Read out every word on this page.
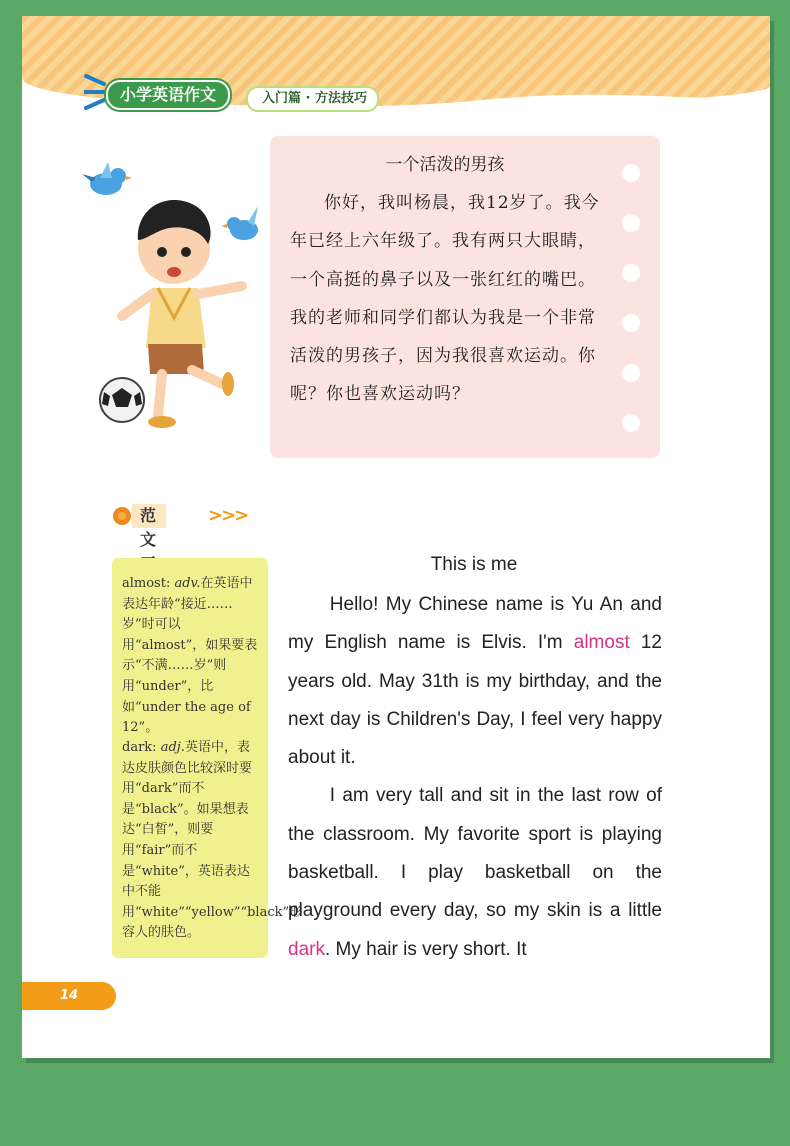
入门篇 · 方法技巧
小学英语作文
一个活泼的男孩
你好，我叫杨晨，我12岁了。我今年已经上六年级了。我有两只大眼睛，一个高挺的鼻子以及一张红红的嘴巴。我的老师和同学们都认为我是一个非常活泼的男孩子，因为我很喜欢运动。你呢？你也喜欢运动吗？
范文
>>>

almost: adv.在英语中表达年龄“接近……岁”时可以用“almost”，如果要表示“不满……岁”则用“under”，比如“under the age of 12”。

dark: adj.英语中，表达皮肤颜色比较深时要用“dark”而不是“black”。如果想表达“白皙”，则要用“fair”而不是“white”，英语表达中不能用“white”“yellow”“black”形容人的肤色。

This is me

Hello! My Chinese name is Yu An and my English name is Elvis. I'm almost 12 years old. May 31th is my birthday, and the next day is Children's Day, I feel very happy about it.

I am very tall and sit in the last row of the classroom. My favorite sport is playing basketball. I play basketball on the playground every day, so my skin is a little dark. My hair is very short. It

14
